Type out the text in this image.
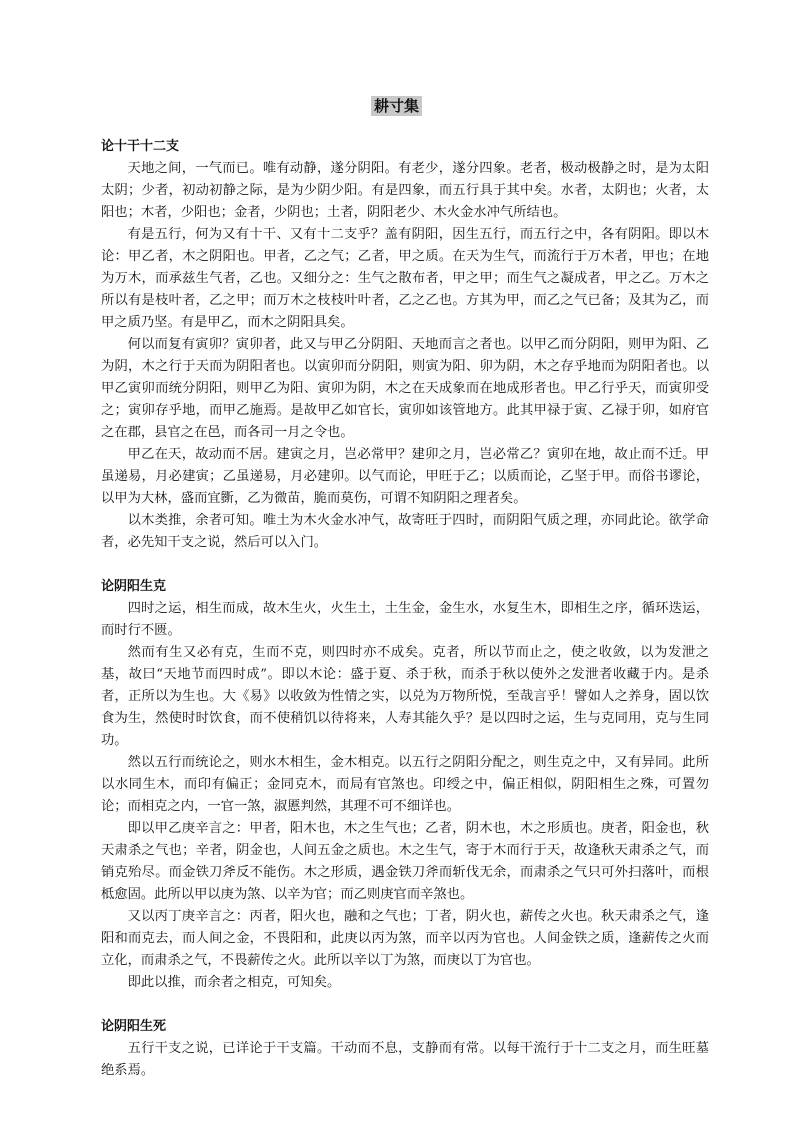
耕寸集

论十干十二支

天地之间，一气而已。唯有动静，遂分阴阳。有老少，遂分四象。老者，极动极静之时，是为太阳太阴；少者，初动初静之际，是为少阴少阳。有是四象，而五行具于其中矣。水者，太阴也；火者，太阳也；木者，少阳也；金者，少阴也；土者，阴阳老少、木火金水冲气所结也。

有是五行，何为又有十干、又有十二支乎？盖有阴阳，因生五行，而五行之中，各有阴阳。即以木论：甲乙者，木之阴阳也。甲者，乙之气；乙者，甲之质。在天为生气，而流行于万木者，甲也；在地为万木，而承兹生气者，乙也。又细分之：生气之散布者，甲之甲；而生气之凝成者，甲之乙。万木之所以有是枝叶者，乙之甲；而万木之枝枝叶叶者，乙之乙也。方其为甲，而乙之气已备；及其为乙，而甲之质乃坚。有是甲乙，而木之阴阳具矣。

何以而复有寅卯？寅卯者，此又与甲乙分阴阳、天地而言之者也。以甲乙而分阴阳，则甲为阳、乙为阴，木之行于天而为阴阳者也。以寅卯而分阴阳，则寅为阳、卯为阴，木之存乎地而为阴阳者也。以甲乙寅卯而统分阴阳，则甲乙为阳、寅卯为阴，木之在天成象而在地成形者也。甲乙行乎天，而寅卯受之；寅卯存乎地，而甲乙施焉。是故甲乙如官长，寅卯如该管地方。此其甲禄于寅、乙禄于卯，如府官之在郡，县官之在邑，而各司一月之令也。

甲乙在天，故动而不居。建寅之月，岂必常甲？建卯之月，岂必常乙？寅卯在地，故止而不迁。甲虽递易，月必建寅；乙虽递易，月必建卯。以气而论，甲旺于乙；以质而论，乙坚于甲。而俗书谬论，以甲为大林，盛而宜斵，乙为微苗，脆而莫伤，可谓不知阴阳之理者矣。

以木类推，余者可知。唯土为木火金水冲气，故寄旺于四时，而阴阳气质之理，亦同此论。欲学命者，必先知干支之说，然后可以入门。

论阴阳生克

四时之运，相生而成，故木生火，火生土，土生金，金生水，水复生木，即相生之序，循环迭运，而时行不匮。

然而有生又必有克，生而不克，则四时亦不成矣。克者，所以节而止之，使之收敛，以为发泄之基，故曰“天地节而四时成”。即以木论：盛于夏、杀于秋，而杀于秋以使外之发泄者收藏于内。是杀者，正所以为生也。大《易》以收敛为性情之实，以兑为万物所悦，至哉言乎！譬如人之养身，固以饮食为生，然使时时饮食，而不使稍饥以待将来，人寿其能久乎？是以四时之运，生与克同用，克与生同功。

然以五行而统论之，则水木相生，金木相克。以五行之阴阳分配之，则生克之中，又有异同。此所以水同生木，而印有偏正；金同克木，而局有官煞也。印绶之中，偏正相似，阴阳相生之殊，可置勿论；而相克之内，一官一煞，淑慝判然，其理不可不细详也。

即以甲乙庚辛言之：甲者，阳木也，木之生气也；乙者，阴木也，木之形质也。庚者，阳金也，秋天肃杀之气也；辛者，阴金也，人间五金之质也。木之生气，寄于木而行于天，故逢秋天肃杀之气，而销克殆尽。而金铁刀斧反不能伤。木之形质，遇金铁刀斧而斩伐无余，而肃杀之气只可外扫落叶，而根柢愈固。此所以甲以庚为煞、以辛为官；而乙则庚官而辛煞也。

又以丙丁庚辛言之：丙者，阳火也，融和之气也；丁者，阴火也，薪传之火也。秋天肃杀之气，逢阳和而克去，而人间之金，不畏阳和，此庚以丙为煞，而辛以丙为官也。人间金铁之质，逢薪传之火而立化，而肃杀之气，不畏薪传之火。此所以辛以丁为煞，而庚以丁为官也。

即此以推，而余者之相克，可知矣。

论阴阳生死

五行干支之说，已详论于干支篇。干动而不息，支静而有常。以每干流行于十二支之月，而生旺墓绝系焉。
